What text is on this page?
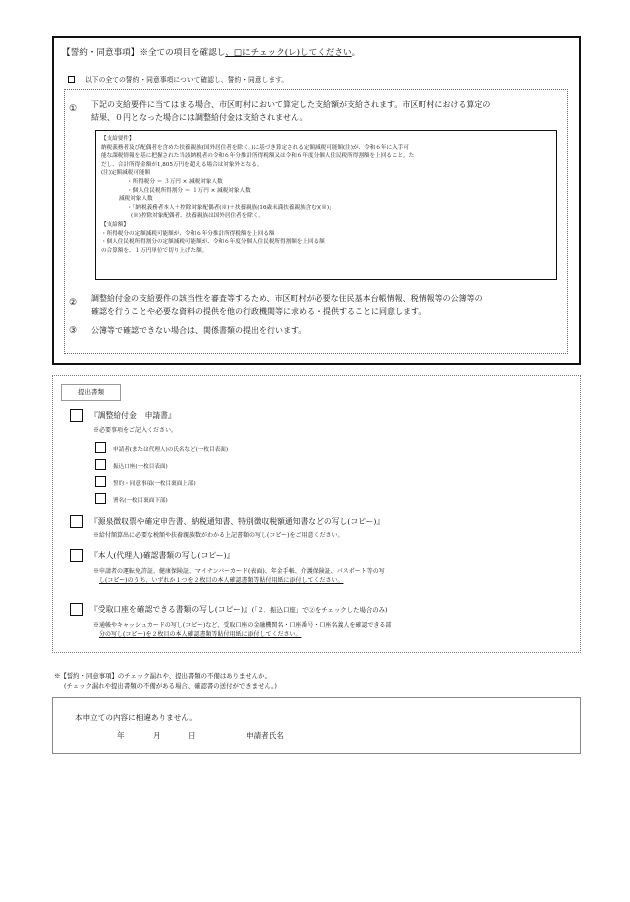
【誓約・同意事項】※全ての項目を確認し、□にチェック(レ)してください。
以下の全ての誓約・同意事項について確認し、誓約・同意します。
① 下記の支給要件に当てはまる場合、市区町村において算定した支給額が支給されます。市区町村における算定の
結果、０円となった場合には調整給付金は支給されません。

【支給要件】

納税義務者及び配偶者を含めた扶養親族(国外居住者を除く。)に基づき算定される定額減税可能額(注)が、令和６年に入手可

能な課税情報を基に把握された当該納税者の令和６年分推計所得税額又は令和６年度分個人住民税所得割額を上回ること。た

だし、合計所得金額が1,805万円を超える場合は対象外となる。

(注)定額減税可能額

・所得税分 ＝ ３万円 × 減税対象人数

・個人住民税所得割分 ＝ １万円 × 減税対象人数

減税対象人数

・「納税義務者本人＋控除対象配偶者(※)＋扶養親族(16歳未満扶養親族含む)(※)」

(※)控除対象配偶者、扶養親族は国外居住者を除く。

【支給額】

・所得税分の定額減税可能額が、令和６年分推計所得税額を上回る額

・個人住民税所得割分の定額減税可能額が、令和６年度分個人住民税所得割額を上回る額

の合算額を、１万円単位で切り上げた額。

② 調整給付金の支給要件の該当性を審査等するため、市区町村が必要な住民基本台帳情報、税情報等の公簿等の
確認を行うことや必要な資料の提供を他の行政機関等に求める・提供することに同意します。
③ 公簿等で確認できない場合は、関係書類の提出を行います。
提出書類
『調整給付金　申請書』
※必要事項をご記入ください。
申請者(または代理人)の氏名など(一枚目表面)
振込口座(一枚目表面)
誓約・同意事項(一枚目裏面上部)
署名(一枚目裏面下部)
『源泉徴収票や確定申告書、納税通知書、特別徴収税額通知書などの写し(コピー)』
※給付額算出に必要な税額や扶養親族数がわかる上記書類の写し(コピー)をご用意ください。
『本人(代理人)確認書類の写し(コピー)』
※申請者の運転免許証、健康保険証、マイナンバーカード(表面)、年金手帳、介護保険証、パスポート等の写
し(コピー)のうち、いずれか１つを２枚目の本人確認書類等貼付用紙に添付してください。
『受取口座を確認できる書類の写し(コピー)』(「２．振込口座」で②をチェックした場合のみ)
※通帳やキャッシュカードの写し(コピー)など、受取口座の金融機関名・口座番号・口座名義人を確認できる部
分の写し(コピー)を２枚目の本人確認書類等貼付用紙に添付してください。
※【誓約・同意事項】のチェック漏れや、提出書類の不備はありませんか。
(チェック漏れや提出書類の不備がある場合、確認書の送付ができません。)
本申立ての内容に相違ありません。
年	月	日	申請者氏名
